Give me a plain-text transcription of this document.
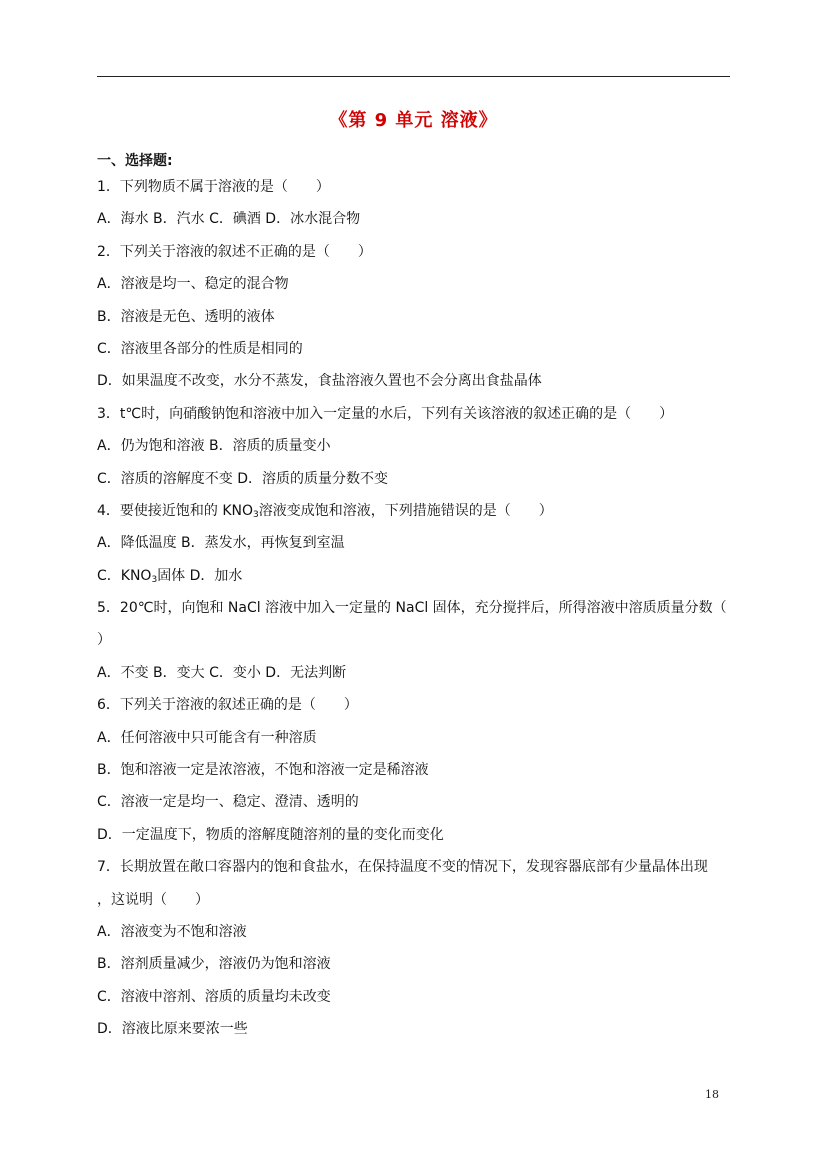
《第 9 单元 溶液》
一、选择题:
1．下列物质不属于溶液的是（　　）
A．海水 B．汽水 C．碘酒 D．冰水混合物
2．下列关于溶液的叙述不正确的是（　　）
A．溶液是均一、稳定的混合物
B．溶液是无色、透明的液体
C．溶液里各部分的性质是相同的
D．如果温度不改变，水分不蒸发，食盐溶液久置也不会分离出食盐晶体
3．t℃时，向硝酸钠饱和溶液中加入一定量的水后，下列有关该溶液的叙述正确的是（　　）
A．仍为饱和溶液 B．溶质的质量变小
C．溶质的溶解度不变 D．溶质的质量分数不变
4．要使接近饱和的 $KNO_3$溶液变成饱和溶液，下列措施错误的是（　　）
A．降低温度 B．蒸发水，再恢复到室温
C．$KNO_3$固体 D．加水
5．20℃时，向饱和 NaCl 溶液中加入一定量的 NaCl 固体，充分搅拌后，所得溶液中溶质质量分数（
）
A．不变 B．变大 C．变小 D．无法判断
6．下列关于溶液的叙述正确的是（　　）
A．任何溶液中只可能含有一种溶质
B．饱和溶液一定是浓溶液，不饱和溶液一定是稀溶液
C．溶液一定是均一、稳定、澄清、透明的
D．一定温度下，物质的溶解度随溶剂的量的变化而变化
7．长期放置在敞口容器内的饱和食盐水，在保持温度不变的情况下，发现容器底部有少量晶体出现
，这说明（　　）
A．溶液变为不饱和溶液
B．溶剂质量减少，溶液仍为饱和溶液
C．溶液中溶剂、溶质的质量均未改变
D．溶液比原来要浓一些
18
